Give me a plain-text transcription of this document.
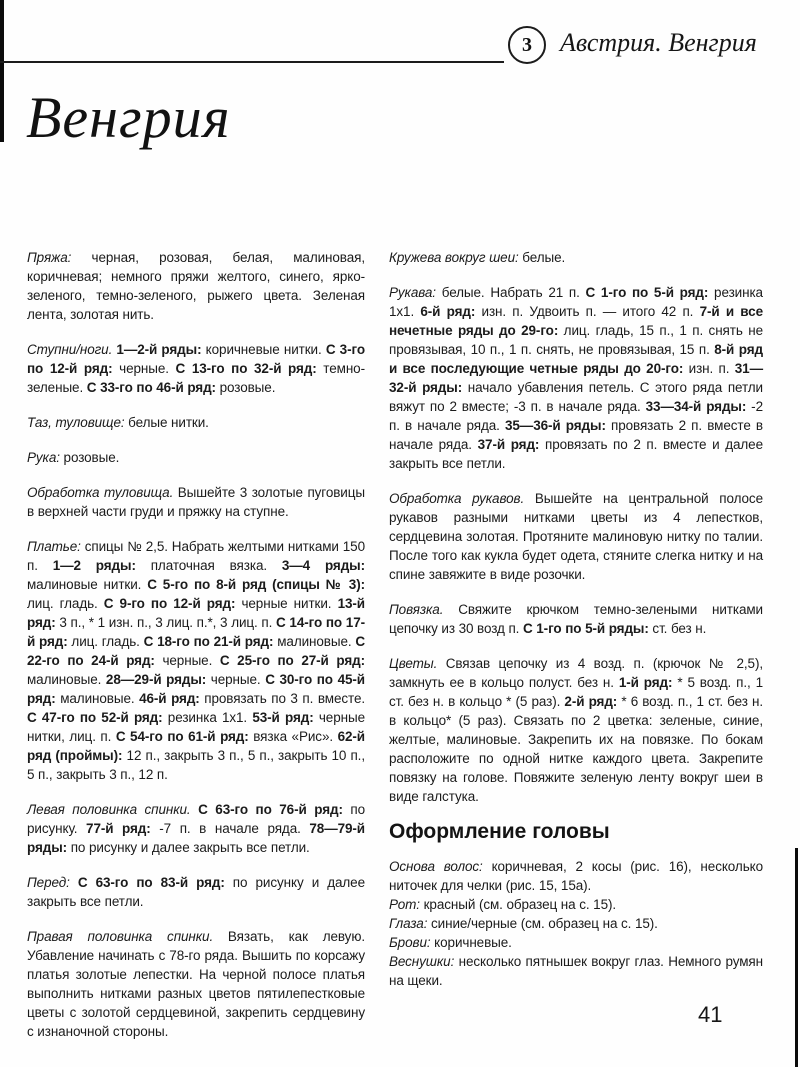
3 Австрия. Венгрия
Венгрия

Пряжа: черная, розовая, белая, малиновая, коричневая; немного пряжи желтого, синего, ярко-зеленого, темно-зеленого, рыжего цвета. Зеленая лента, золотая нить.

Ступни/ноги. 1—2-й ряды: коричневые нитки. С 3-го по 12-й ряд: черные. С 13-го по 32-й ряд: темно-зеленые. С 33-го по 46-й ряд: розовые.

Таз, туловище: белые нитки.

Рука: розовые.

Обработка туловища. Вышейте 3 золотые пуговицы в верхней части груди и пряжку на ступне.

Платье: спицы № 2,5. Набрать желтыми нитками 150 п. 1—2 ряды: платочная вязка. 3—4 ряды: малиновые нитки. С 5-го по 8-й ряд (спицы № 3): лиц. гладь. С 9-го по 12-й ряд: черные нитки. 13-й ряд: 3 п., * 1 изн. п., 3 лиц. п.*, 3 лиц. п. С 14-го по 17-й ряд: лиц. гладь. С 18-го по 21-й ряд: малиновые. С 22-го по 24-й ряд: черные. С 25-го по 27-й ряд: малиновые. 28—29-й ряды: черные. С 30-го по 45-й ряд: малиновые. 46-й ряд: провязать по 3 п. вместе. С 47-го по 52-й ряд: резинка 1х1. 53-й ряд: черные нитки, лиц. п. С 54-го по 61-й ряд: вязка «Рис». 62-й ряд (проймы): 12 п., закрыть 3 п., 5 п., закрыть 10 п., 5 п., закрыть 3 п., 12 п.

Левая половинка спинки. С 63-го по 76-й ряд: по рисунку. 77-й ряд: -7 п. в начале ряда. 78—79-й ряды: по рисунку и далее закрыть все петли.

Перед: С 63-го по 83-й ряд: по рисунку и далее закрыть все петли.

Правая половинка спинки. Вязать, как левую. Убавление начинать с 78-го ряда. Вышить по корсажу платья золотые лепестки. На черной полосе платья выполнить нитками разных цветов пятилепестковые цветы с золотой сердцевиной, закрепить сердцевину с изнаночной стороны.

Кружева вокруг шеи: белые.

Рукава: белые. Набрать 21 п. С 1-го по 5-й ряд: резинка 1х1. 6-й ряд: изн. п. Удвоить п. — итого 42 п. 7-й и все нечетные ряды до 29-го: лиц. гладь, 15 п., 1 п. снять не провязывая, 10 п., 1 п. снять, не провязывая, 15 п. 8-й ряд и все последующие четные ряды до 20-го: изн. п. 31—32-й ряды: начало убавления петель. С этого ряда петли вяжут по 2 вместе; -3 п. в начале ряда. 33—34-й ряды: -2 п. в начале ряда. 35—36-й ряды: провязать 2 п. вместе в начале ряда. 37-й ряд: провязать по 2 п. вместе и далее закрыть все петли.

Обработка рукавов. Вышейте на центральной полосе рукавов разными нитками цветы из 4 лепестков, сердцевина золотая. Протяните малиновую нитку по талии. После того как кукла будет одета, стяните слегка нитку и на спине завяжите в виде розочки.

Повязка. Свяжите крючком темно-зелеными нитками цепочку из 30 возд п. С 1-го по 5-й ряды: ст. без н.

Цветы. Связав цепочку из 4 возд. п. (крючок № 2,5), замкнуть ее в кольцо полуст. без н. 1-й ряд: * 5 возд. п., 1 ст. без н. в кольцо * (5 раз). 2-й ряд: * 6 возд. п., 1 ст. без н. в кольцо* (5 раз). Связать по 2 цветка: зеленые, синие, желтые, малиновые. Закрепить их на повязке. По бокам расположите по одной нитке каждого цвета. Закрепите повязку на голове. Повяжите зеленую ленту вокруг шеи в виде галстука.

Оформление головы

Основа волос: коричневая, 2 косы (рис. 16), несколько ниточек для челки (рис. 15, 15а).

Рот: красный (см. образец на с. 15).

Глаза: синие/черные (см. образец на с. 15).

Брови: коричневые.

Веснушки: несколько пятнышек вокруг глаз. Немного румян на щеки.

41
